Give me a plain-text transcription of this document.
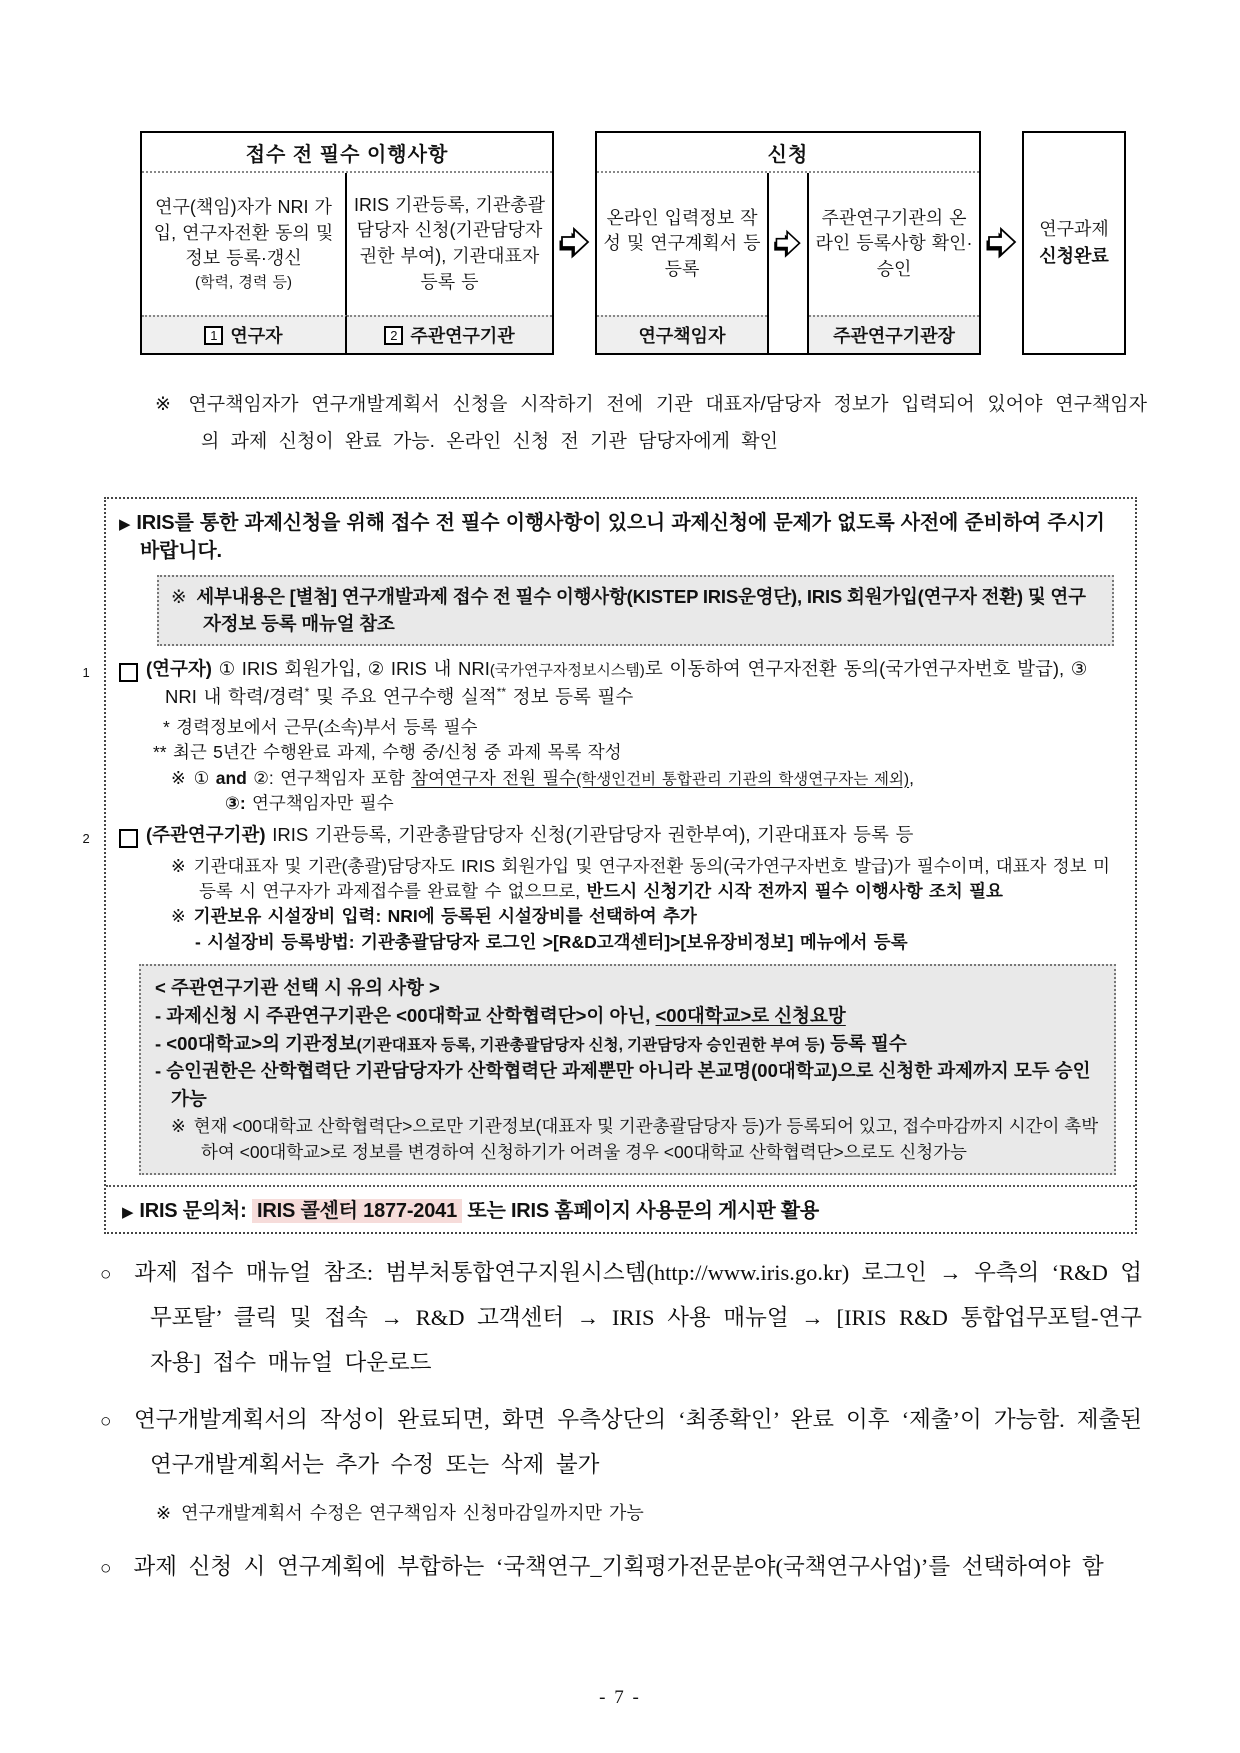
접수 전 필수 이행사항
연구(책임)자가 NRI 가입, 연구자전환 동의 및 정보 등록·갱신
(학력, 경력 등)
IRIS 기관등록, 기관총괄담당자 신청(기관담당자 권한 부여), 기관대표자 등록 등
1 연구자	2 주관연구기관
신청
온라인 입력정보 작성 및 연구계획서 등 등록
주관연구기관의 온라인 등록사항 확인·승인
연구책임자	주관연구기관장
연구과제
신청완료
※ 연구책임자가 연구개발계획서 신청을 시작하기 전에 기관 대표자/담당자 정보가 입력되어 있어야 연구책임자의 과제 신청이 완료 가능. 온라인 신청 전 기관 담당자에게 확인
▶ IRIS를 통한 과제신청을 위해 접수 전 필수 이행사항이 있으니 과제신청에 문제가 없도록 사전에 준비하여 주시기 바랍니다.
※ 세부내용은 [별첨] 연구개발과제 접수 전 필수 이행사항(KISTEP IRIS운영단), IRIS 회원가입(연구자 전환) 및 연구자정보 등록 매뉴얼 참조
1	(연구자) ① IRIS 회원가입, ② IRIS 내 NRI(국가연구자정보시스템)로 이동하여 연구자전환 동의(국가연구자번호 발급), ③ NRI 내 학력/경력* 및 주요 연구수행 실적** 정보 등록 필수
* 경력정보에서 근무(소속)부서 등록 필수
** 최근 5년간 수행완료 과제, 수행 중/신청 중 과제 목록 작성
※ ① and ②: 연구책임자 포함 참여연구자 전원 필수(학생인건비 통합관리 기관의 학생연구자는 제외),
③: 연구책임자만 필수
2	(주관연구기관) IRIS 기관등록, 기관총괄담당자 신청(기관담당자 권한부여), 기관대표자 등록 등
※ 기관대표자 및 기관(총괄)담당자도 IRIS 회원가입 및 연구자전환 동의(국가연구자번호 발급)가 필수이며, 대표자 정보 미등록 시 연구자가 과제접수를 완료할 수 없으므로, 반드시 신청기간 시작 전까지 필수 이행사항 조치 필요
※ 기관보유 시설장비 입력: NRI에 등록된 시설장비를 선택하여 추가
- 시설장비 등록방법: 기관총괄담당자 로그인 >[R&D고객센터]>[보유장비정보] 메뉴에서 등록
< 주관연구기관 선택 시 유의 사항 >
- 과제신청 시 주관연구기관은 <00대학교 산학협력단>이 아닌, <00대학교>로 신청요망
- <00대학교>의 기관정보(기관대표자 등록, 기관총괄담당자 신청, 기관담당자 승인권한 부여 등) 등록 필수
- 승인권한은 산학협력단 기관담당자가 산학협력단 과제뿐만 아니라 본교명(00대학교)으로 신청한 과제까지 모두 승인 가능
※ 현재 <00대학교 산학협력단>으로만 기관정보(대표자 및 기관총괄담당자 등)가 등록되어 있고, 접수마감까지 시간이 촉박하여 <00대학교>로 정보를 변경하여 신청하기가 어려울 경우 <00대학교 산학협력단>으로도 신청가능
▶ IRIS 문의처: IRIS 콜센터 1877-2041 또는 IRIS 홈페이지 사용문의 게시판 활용
○ 과제 접수 매뉴얼 참조: 범부처통합연구지원시스템(http://www.iris.go.kr) 로그인 → 우측의 ‘R&D 업무포탈’ 클릭 및 접속 → R&D 고객센터 → IRIS 사용 매뉴얼 → [IRIS R&D 통합업무포털-연구자용] 접수 매뉴얼 다운로드
○ 연구개발계획서의 작성이 완료되면, 화면 우측상단의 ‘최종확인’ 완료 이후 ‘제출’이 가능함. 제출된 연구개발계획서는 추가 수정 또는 삭제 불가
※ 연구개발계획서 수정은 연구책임자 신청마감일까지만 가능
○ 과제 신청 시 연구계획에 부합하는 ‘국책연구_기획평가전문분야(국책연구사업)’를 선택하여야 함
- 7 -
